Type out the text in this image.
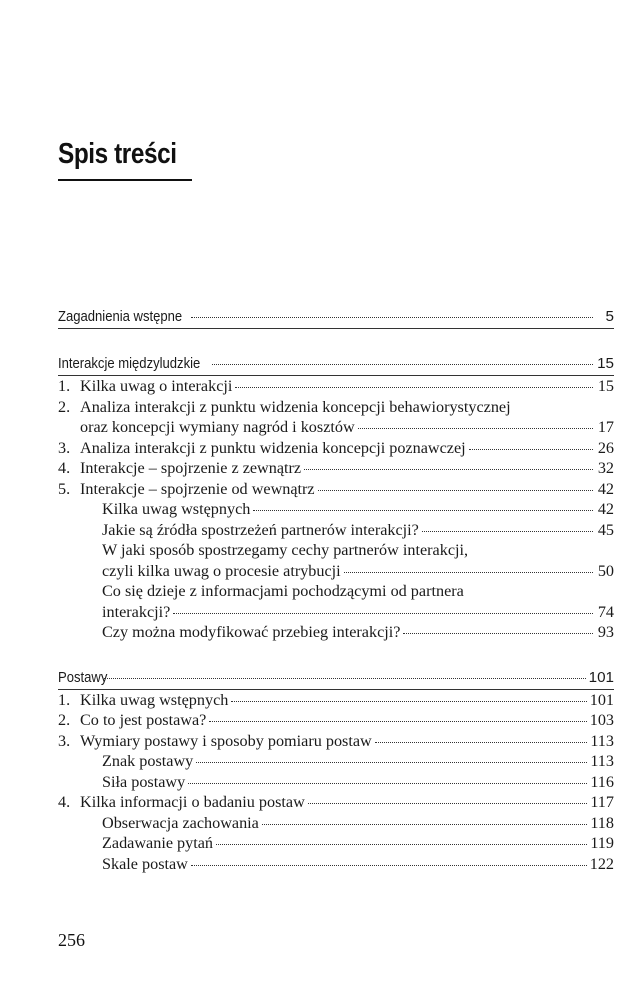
Spis treści
Zagadnienia wstępne	5
Interakcje międzyludzkie	15
1. Kilka uwag o interakcji	15
2. Analiza interakcji z punktu widzenia koncepcji behawiorystycznej
oraz koncepcji wymiany nagród i kosztów	17
3. Analiza interakcji z punktu widzenia koncepcji poznawczej	26
4. Interakcje – spojrzenie z zewnątrz	32
5. Interakcje – spojrzenie od wewnątrz	42
Kilka uwag wstępnych	42
Jakie są źródła spostrzeżeń partnerów interakcji?	45
W jaki sposób spostrzegamy cechy partnerów interakcji,
czyli kilka uwag o procesie atrybucji	50
Co się dzieje z informacjami pochodzącymi od partnera
interakcji?	74
Czy można modyfikować przebieg interakcji?	93
Postawy	101
1. Kilka uwag wstępnych	101
2. Co to jest postawa?	103
3. Wymiary postawy i sposoby pomiaru postaw	113
Znak postawy	113
Siła postawy	116
4. Kilka informacji o badaniu postaw	117
Obserwacja zachowania	118
Zadawanie pytań	119
Skale postaw	122
256
